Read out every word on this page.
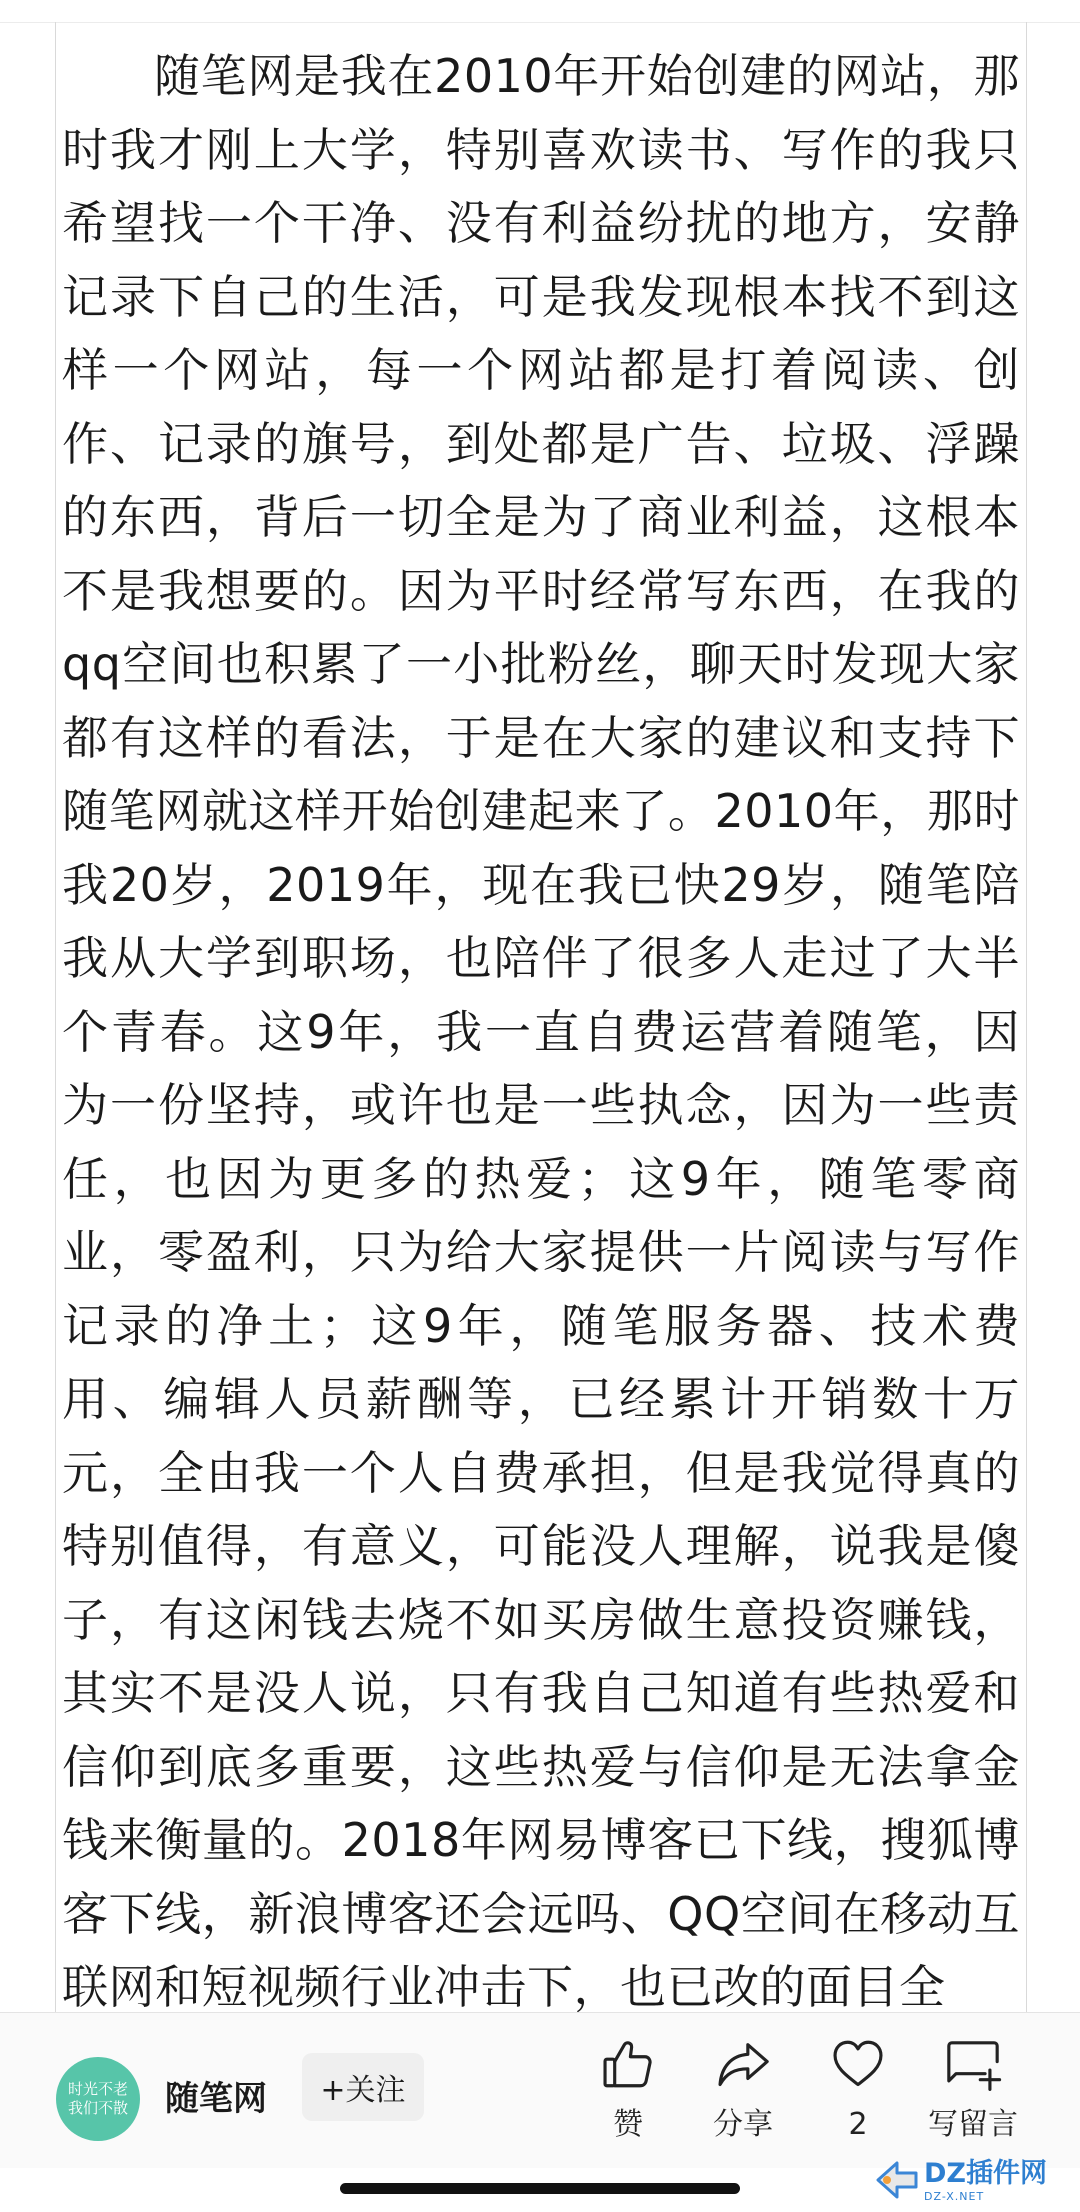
随笔网是我在2010年开始创建的网站，那时我才刚上大学，特别喜欢读书、写作的我只希望找一个干净、没有利益纷扰的地方，安静记录下自己的生活，可是我发现根本找不到这样一个网站，每一个网站都是打着阅读、创作、记录的旗号，到处都是广告、垃圾、浮躁的东西，背后一切全是为了商业利益，这根本不是我想要的。因为平时经常写东西，在我的qq空间也积累了一小批粉丝，聊天时发现大家都有这样的看法，于是在大家的建议和支持下随笔网就这样开始创建起来了。2010年，那时我20岁，2019年，现在我已快29岁，随笔陪我从大学到职场，也陪伴了很多人走过了大半个青春。这9年，我一直自费运营着随笔，因为一份坚持，或许也是一些执念，因为一些责任，也因为更多的热爱；这9年，随笔零商业，零盈利，只为给大家提供一片阅读与写作记录的净土；这9年，随笔服务器、技术费用、编辑人员薪酬等，已经累计开销数十万元，全由我一个人自费承担，但是我觉得真的特别值得，有意义，可能没人理解，说我是傻子，有这闲钱去烧不如买房做生意投资赚钱，其实不是没人说，只有我自己知道有些热爱和信仰到底多重要，这些热爱与信仰是无法拿金钱来衡量的。2018年网易博客已下线，搜狐博客下线，新浪博客还会远吗、QQ空间在移动互联网和短视频行业冲击下，也已改的面目全

时光不老
我们不散 随笔网	+关注
赞 分享	2 写留言
DZ插件网
DZ-X.NET
